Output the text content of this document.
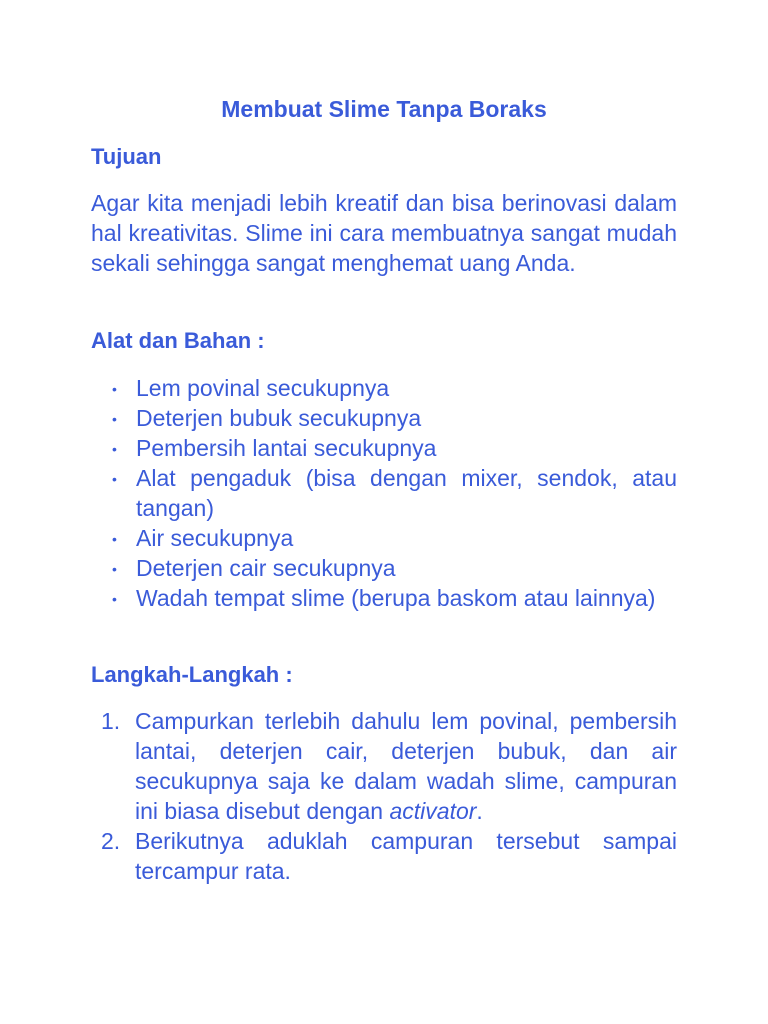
Membuat Slime Tanpa Boraks
Tujuan

Agar kita menjadi lebih kreatif dan bisa berinovasi dalam hal kreativitas. Slime ini cara membuatnya sangat mudah sekali sehingga sangat menghemat uang Anda.

Alat dan Bahan :
• Lem povinal secukupnya
• Deterjen bubuk secukupnya
• Pembersih lantai secukupnya
• Alat pengaduk (bisa dengan mixer, sendok, atau tangan)
• Air secukupnya
• Deterjen cair secukupnya
• Wadah tempat slime (berupa baskom atau lainnya)
Langkah-Langkah :
1. Campurkan terlebih dahulu lem povinal, pembersih lantai, deterjen cair, deterjen bubuk, dan air secukupnya saja ke dalam wadah slime, campuran ini biasa disebut dengan activator.
2. Berikutnya aduklah campuran tersebut sampai tercampur rata.
